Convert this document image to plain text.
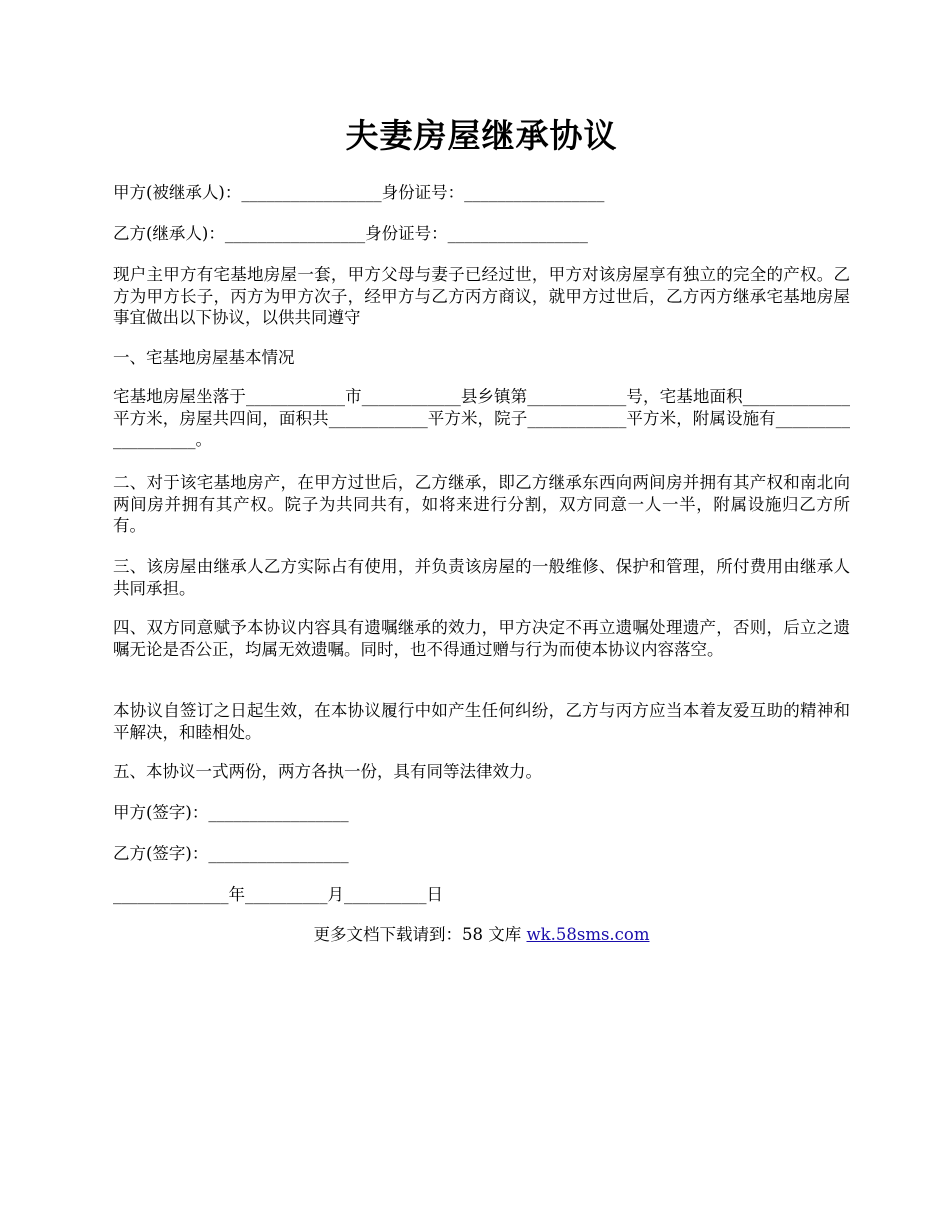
夫妻房屋继承协议
甲方(被继承人)：_________________身份证号：_________________
乙方(继承人)：_________________身份证号：_________________
现户主甲方有宅基地房屋一套，甲方父母与妻子已经过世，甲方对该房屋享有独立的完全的产权。乙方为甲方长子，丙方为甲方次子，经甲方与乙方丙方商议，就甲方过世后，乙方丙方继承宅基地房屋事宜做出以下协议，以供共同遵守
一、宅基地房屋基本情况
宅基地房屋坐落于____________市____________县乡镇第____________号，宅基地面积_____________平方米，房屋共四间，面积共____________平方米，院子____________平方米，附属设施有___________________。
二、对于该宅基地房产，在甲方过世后，乙方继承，即乙方继承东西向两间房并拥有其产权和南北向两间房并拥有其产权。院子为共同共有，如将来进行分割，双方同意一人一半，附属设施归乙方所有。
三、该房屋由继承人乙方实际占有使用，并负责该房屋的一般维修、保护和管理，所付费用由继承人共同承担。
四、双方同意赋予本协议内容具有遗嘱继承的效力，甲方决定不再立遗嘱处理遗产，否则，后立之遗嘱无论是否公正，均属无效遗嘱。同时，也不得通过赠与行为而使本协议内容落空。
本协议自签订之日起生效，在本协议履行中如产生任何纠纷，乙方与丙方应当本着友爱互助的精神和平解决，和睦相处。
五、本协议一式两份，两方各执一份，具有同等法律效力。
甲方(签字)：_________________
乙方(签字)：_________________
______________年__________月__________日
更多文档下载请到：58 文库 wk.58sms.com
